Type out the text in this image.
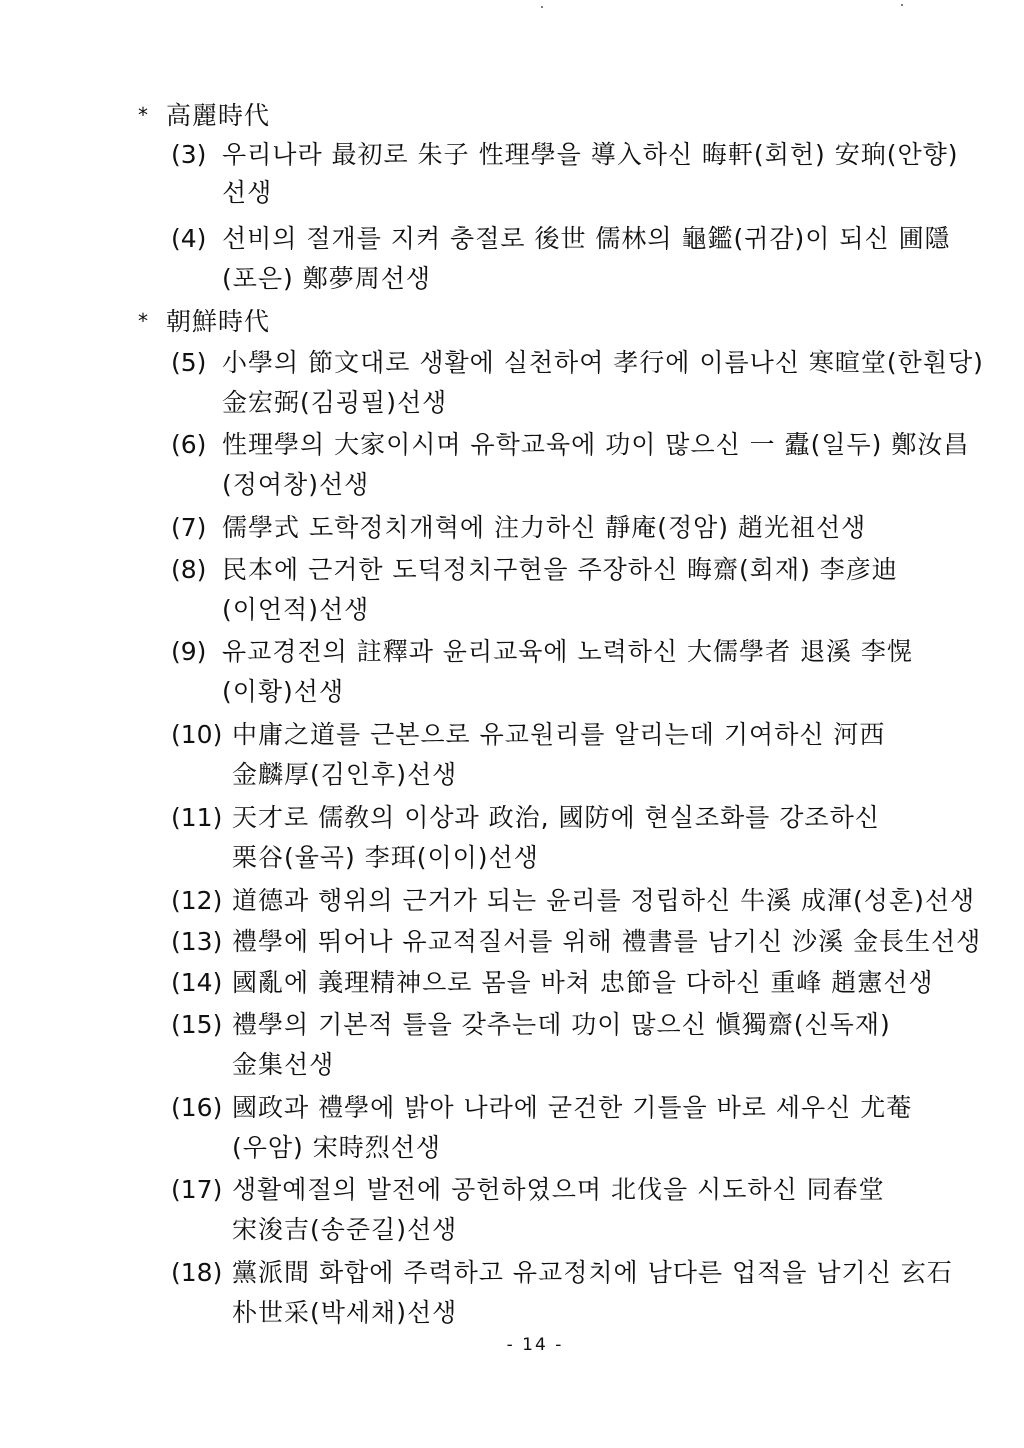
* 高麗時代
(3) 우리나라 最初로 朱子 性理學을 導入하신 晦軒(회헌) 安珦(안향)
선생
(4) 선비의 절개를 지켜 충절로 後世 儒林의 龜鑑(귀감)이 되신 圃隱
(포은) 鄭夢周선생
* 朝鮮時代
(5) 小學의 節文대로 생활에 실천하여 孝行에 이름나신 寒暄堂(한훤당)
金宏弼(김굉필)선생
(6) 性理學의 大家이시며 유학교육에 功이 많으신 一 蠹(일두) 鄭汝昌
(정여창)선생
(7) 儒學式 도학정치개혁에 注力하신 靜庵(정암) 趙光祖선생
(8) 民本에 근거한 도덕정치구현을 주장하신 晦齋(회재) 李彦迪
(이언적)선생
(9) 유교경전의 註釋과 윤리교육에 노력하신 大儒學者 退溪 李愰
(이황)선생
(10) 中庸之道를 근본으로 유교원리를 알리는데 기여하신 河西
金麟厚(김인후)선생
(11) 天才로 儒敎의 이상과 政治, 國防에 현실조화를 강조하신
栗谷(율곡) 李珥(이이)선생
(12) 道德과 행위의 근거가 되는 윤리를 정립하신 牛溪 成渾(성혼)선생
(13) 禮學에 뛰어나 유교적질서를 위해 禮書를 남기신 沙溪 金長生선생
(14) 國亂에 義理精神으로 몸을 바쳐 忠節을 다하신 重峰 趙憲선생
(15) 禮學의 기본적 틀을 갖추는데 功이 많으신 愼獨齋(신독재)
金集선생
(16) 國政과 禮學에 밝아 나라에 굳건한 기틀을 바로 세우신 尤菴
(우암) 宋時烈선생
(17) 생활예절의 발전에 공헌하였으며 北伐을 시도하신 同春堂
宋浚吉(송준길)선생
(18) 黨派間 화합에 주력하고 유교정치에 남다른 업적을 남기신 玄石
朴世采(박세채)선생
- 14 -
